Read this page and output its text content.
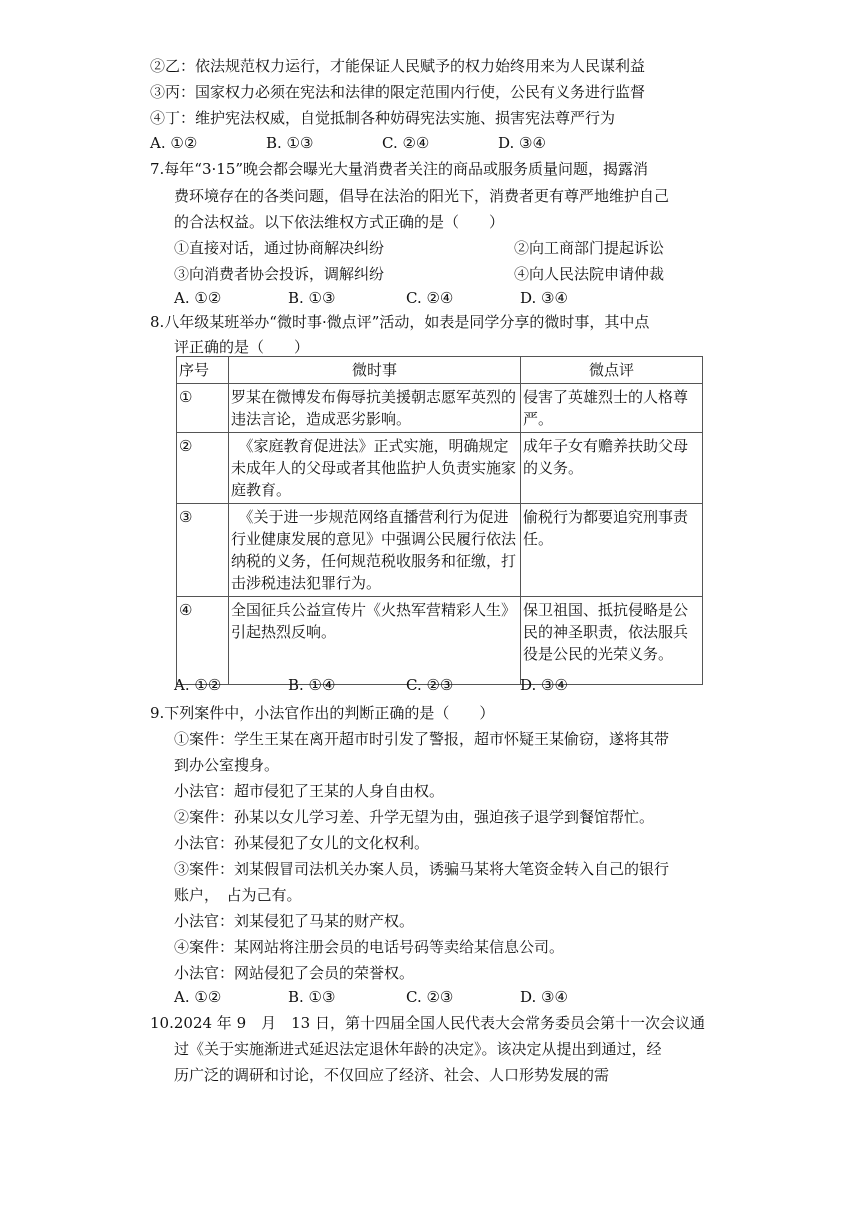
②乙：依法规范权力运行，才能保证人民赋予的权力始终用来为人民谋利益
③丙：国家权力必须在宪法和法律的限定范围内行使，公民有义务进行监督
④丁：维护宪法权威，自觉抵制各种妨碍宪法实施、损害宪法尊严行为
A. ①②	B. ①③	C. ②④	D. ③④
7.每年“3·15”晚会都会曝光大量消费者关注的商品或服务质量问题，揭露消
费环境存在的各类问题，倡导在法治的阳光下，消费者更有尊严地维护自己
的合法权益。以下依法维权方式正确的是（　　）
①直接对话，通过协商解决纠纷	②向工商部门提起诉讼
③向消费者协会投诉，调解纠纷	④向人民法院申请仲裁
A. ①②	B. ①③	C. ②④	D. ③④
8.八年级某班举办“微时事·微点评”活动，如表是同学分享的微时事，其中点
评正确的是（　　）
序号	微时事	微点评
①	罗某在微博发布侮辱抗美援朝志愿军英烈的违法言论，造成恶劣影响。	侵害了英雄烈士的人格尊严。
②	　《家庭教育促进法》正式实施，明确规定未成年人的父母或者其他监护人负责实施家庭教育。	成年子女有赡养扶助父母的义务。
③	　《关于进一步规范网络直播营利行为促进行业健康发展的意见》中强调公民履行依法纳税的义务，任何规范税收服务和征缴，打击涉税违法犯罪行为。	偷税行为都要追究刑事责任。
④	全国征兵公益宣传片《火热军营精彩人生》引起热烈反响。	保卫祖国、抵抗侵略是公民的神圣职责，依法服兵役是公民的光荣义务。
A. ①②	B. ①④	C. ②③	D. ③④
9.下列案件中，小法官作出的判断正确的是（　　）
①案件：学生王某在离开超市时引发了警报，超市怀疑王某偷窃，遂将其带
到办公室搜身。
小法官：超市侵犯了王某的人身自由权。
②案件：孙某以女儿学习差、升学无望为由，强迫孩子退学到餐馆帮忙。
小法官：孙某侵犯了女儿的文化权利。
③案件：刘某假冒司法机关办案人员，诱骗马某将大笔资金转入自己的银行
账户，　占为己有。
小法官：刘某侵犯了马某的财产权。
④案件：某网站将注册会员的电话号码等卖给某信息公司。
小法官：网站侵犯了会员的荣誉权。
A. ①②	B. ①③	C. ②③	D. ③④
10.2024 年 9　月　13 日，第十四届全国人民代表大会常务委员会第十一次会议通
过《关于实施渐进式延迟法定退休年龄的决定》。该决定从提出到通过，经
历广泛的调研和讨论，不仅回应了经济、社会、人口形势发展的需
